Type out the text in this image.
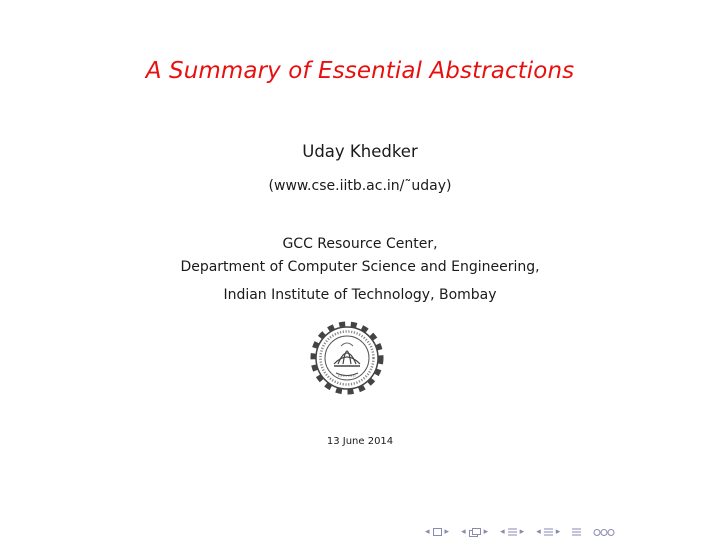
A Summary of Essential Abstractions
Uday Khedker
(www.cse.iitb.ac.in/˜uday)
GCC Resource Center,
Department of Computer Science and Engineering,
Indian Institute of Technology, Bombay
13 June 2014
◂ ▸ ◂ ▸ ◂ ▸ ◂ ▸
